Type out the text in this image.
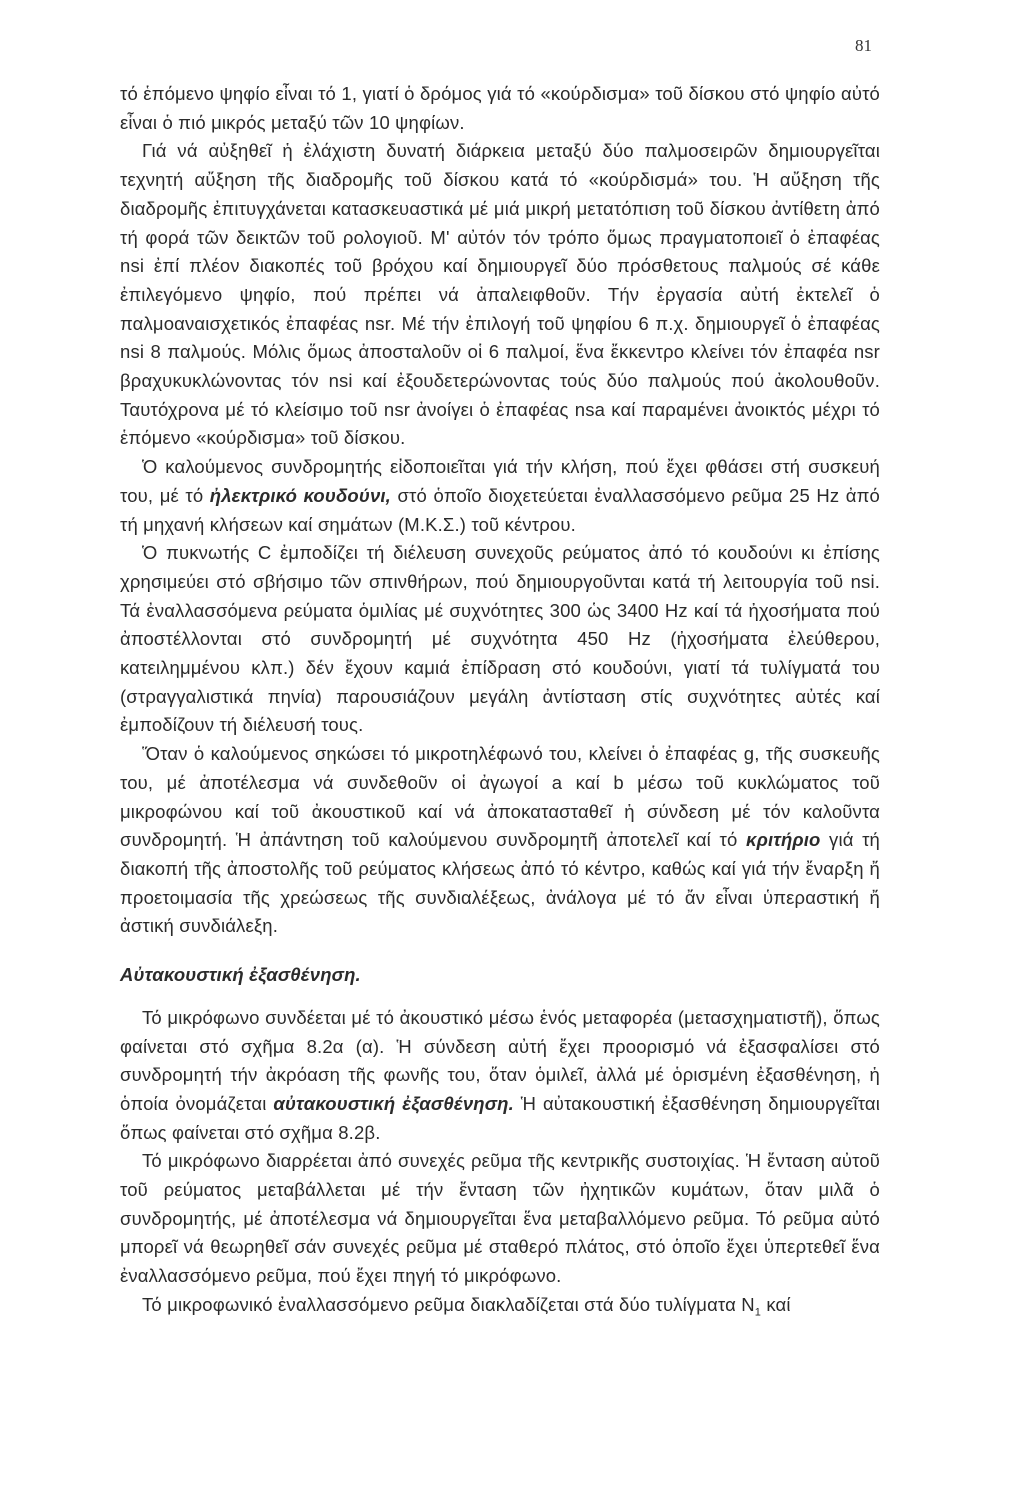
81

τό ἑπόμενο ψηφίο εἶναι τό 1, γιατί ὁ δρόμος γιά τό «κούρδισμα» τοῦ δίσκου στό ψηφίο αὐτό εἶναι ὁ πιό μικρός μεταξύ τῶν 10 ψηφίων.

Γιά νά αὐξηθεῖ ἡ ἐλάχιστη δυνατή διάρκεια μεταξύ δύο παλμοσειρῶν δημιουργεῖται τεχνητή αὔξηση τῆς διαδρομῆς τοῦ δίσκου κατά τό «κούρδισμά» του. Ἡ αὔξηση τῆς διαδρομῆς ἐπιτυγχάνεται κατασκευαστικά μέ μιά μικρή μετατόπιση τοῦ δίσκου ἀντίθετη ἀπό τή φορά τῶν δεικτῶν τοῦ ρολογιοῦ. Μ' αὐτόν τόν τρόπο ὅμως πραγματοποιεῖ ὁ ἐπαφέας nsi ἐπί πλέον διακοπές τοῦ βρόχου καί δημιουργεῖ δύο πρόσθετους παλμούς σέ κάθε ἐπιλεγόμενο ψηφίο, πού πρέπει νά ἀπαλειφθοῦν. Τήν ἐργασία αὐτή ἐκτελεῖ ὁ παλμοαναισχετικός ἐπαφέας nsr. Μέ τήν ἐπιλογή τοῦ ψηφίου 6 π.χ. δημιουργεῖ ὁ ἐπαφέας nsi 8 παλμούς. Μόλις ὅμως ἀποσταλοῦν οἱ 6 παλμοί, ἕνα ἔκκεντρο κλείνει τόν ἐπαφέα nsr βραχυκυκλώνοντας τόν nsi καί ἐξουδετερώνοντας τούς δύο παλμούς πού ἀκολουθοῦν. Ταυτόχρονα μέ τό κλείσιμο τοῦ nsr ἀνοίγει ὁ ἐπαφέας nsa καί παραμένει ἀνοικτός μέχρι τό ἑπόμενο «κούρδισμα» τοῦ δίσκου.

Ὁ καλούμενος συνδρομητής εἰδοποιεῖται γιά τήν κλήση, πού ἔχει φθάσει στή συσκευή του, μέ τό ἠλεκτρικό κουδούνι, στό ὁποῖο διοχετεύεται ἐναλλασσόμενο ρεῦμα 25 Hz ἀπό τή μηχανή κλήσεων καί σημάτων (Μ.Κ.Σ.) τοῦ κέντρου.

Ὁ πυκνωτής C ἐμποδίζει τή διέλευση συνεχοῦς ρεύματος ἀπό τό κουδούνι κι ἐπίσης χρησιμεύει στό σβήσιμο τῶν σπινθήρων, πού δημιουργοῦνται κατά τή λειτουργία τοῦ nsi. Τά ἐναλλασσόμενα ρεύματα ὁμιλίας μέ συχνότητες 300 ὡς 3400 Hz καί τά ἠχοσήματα πού ἀποστέλλονται στό συνδρομητή μέ συχνότητα 450 Hz (ἠχοσήματα ἐλεύθερου, κατειλημμένου κλπ.) δέν ἔχουν καμιά ἐπίδραση στό κουδούνι, γιατί τά τυλίγματά του (στραγγαλιστικά πηνία) παρουσιάζουν μεγάλη ἀντίσταση στίς συχνότητες αὐτές καί ἐμποδίζουν τή διέλευσή τους.

Ὅταν ὁ καλούμενος σηκώσει τό μικροτηλέφωνό του, κλείνει ὁ ἐπαφέας g, τῆς συσκευῆς του, μέ ἀποτέλεσμα νά συνδεθοῦν οἱ ἀγωγοί a καί b μέσω τοῦ κυκλώματος τοῦ μικροφώνου καί τοῦ ἀκουστικοῦ καί νά ἀποκατασταθεῖ ἡ σύνδεση μέ τόν καλοῦντα συνδρομητή. Ἡ ἀπάντηση τοῦ καλούμενου συνδρομητῆ ἀποτελεῖ καί τό κριτήριο γιά τή διακοπή τῆς ἀποστολῆς τοῦ ρεύματος κλήσεως ἀπό τό κέντρο, καθώς καί γιά τήν ἔναρξη ἤ προετοιμασία τῆς χρεώσεως τῆς συνδιαλέξεως, ἀνάλογα μέ τό ἄν εἶναι ὑπεραστική ἤ ἀστική συνδιάλεξη.

Αὐτακουστική ἐξασθένηση.

Τό μικρόφωνο συνδέεται μέ τό ἀκουστικό μέσω ἑνός μεταφορέα (μετασχηματιστῆ), ὅπως φαίνεται στό σχῆμα 8.2α (α). Ἡ σύνδεση αὐτή ἔχει προορισμό νά ἐξασφαλίσει στό συνδρομητή τήν ἀκρόαση τῆς φωνῆς του, ὅταν ὁμιλεῖ, ἀλλά μέ ὁρισμένη ἐξασθένηση, ἡ ὁποία ὀνομάζεται αὐτακουστική ἐξασθένηση. Ἡ αὐτακουστική ἐξασθένηση δημιουργεῖται ὅπως φαίνεται στό σχῆμα 8.2β.

Τό μικρόφωνο διαρρέεται ἀπό συνεχές ρεῦμα τῆς κεντρικῆς συστοιχίας. Ἡ ἔνταση αὐτοῦ τοῦ ρεύματος μεταβάλλεται μέ τήν ἔνταση τῶν ἠχητικῶν κυμάτων, ὅταν μιλᾶ ὁ συνδρομητής, μέ ἀποτέλεσμα νά δημιουργεῖται ἕνα μεταβαλλόμενο ρεῦμα. Τό ρεῦμα αὐτό μπορεῖ νά θεωρηθεῖ σάν συνεχές ρεῦμα μέ σταθερό πλάτος, στό ὁποῖο ἔχει ὑπερτεθεῖ ἕνα ἐναλλασσόμενο ρεῦμα, πού ἔχει πηγή τό μικρόφωνο.

Τό μικροφωνικό ἐναλλασσόμενο ρεῦμα διακλαδίζεται στά δύο τυλίγματα $N_1$ καί
